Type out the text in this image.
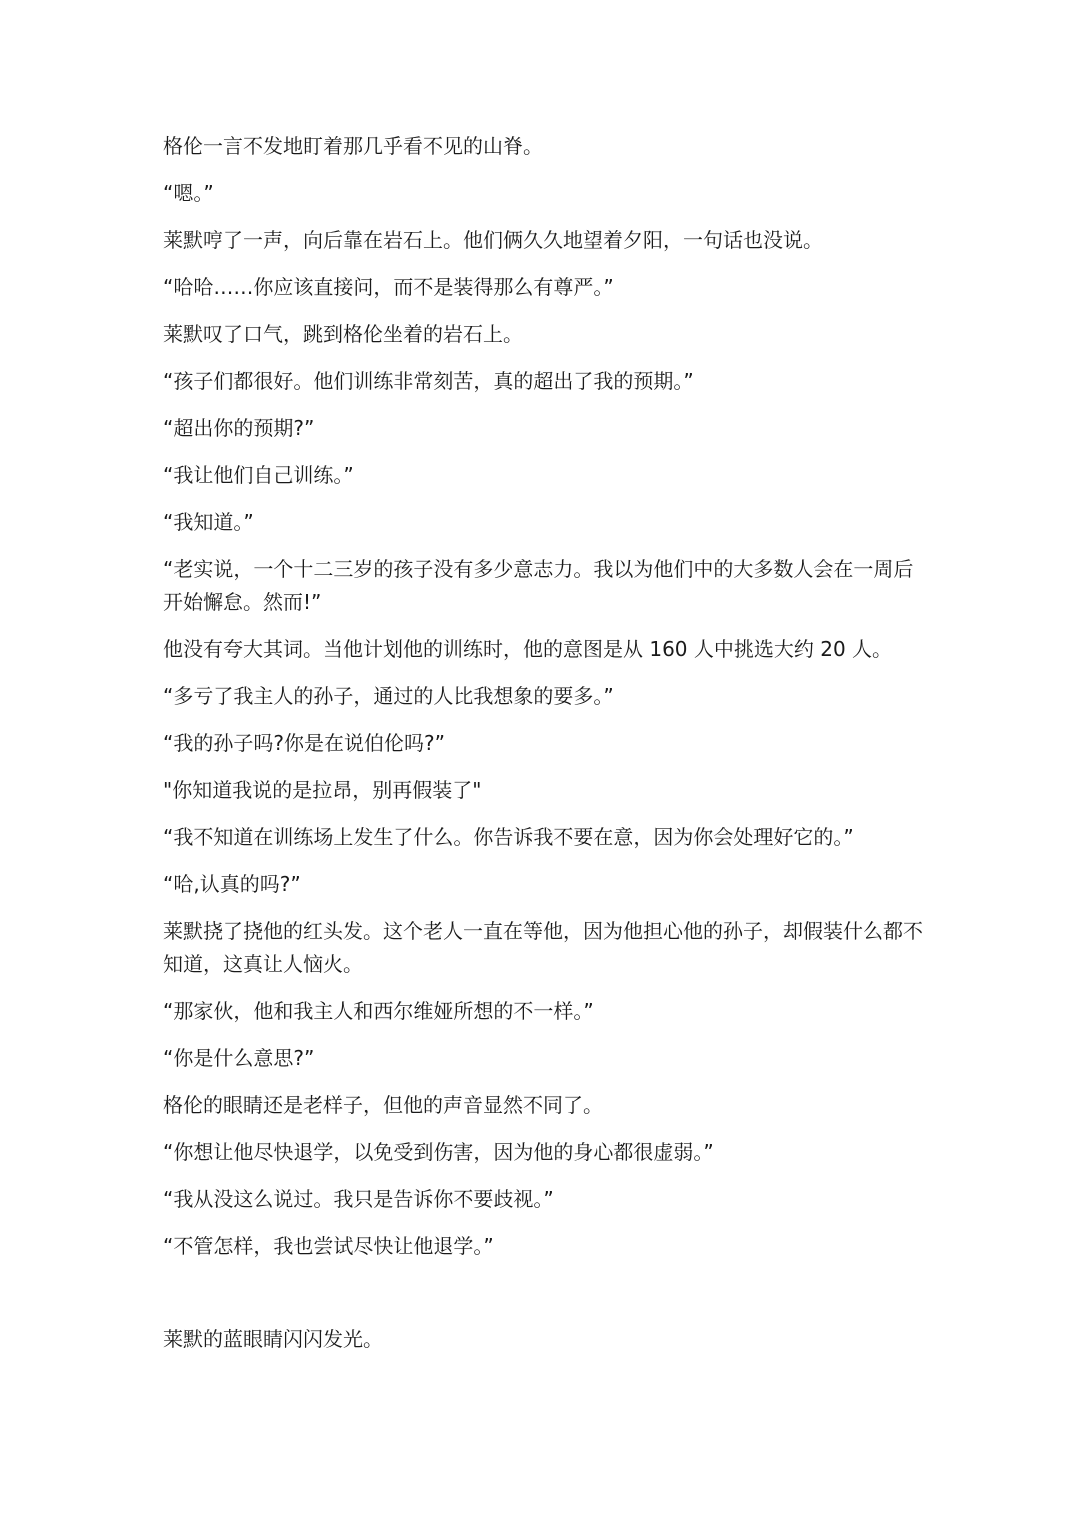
格伦一言不发地盯着那几乎看不见的山脊。

“嗯。”

莱默哼了一声，向后靠在岩石上。他们俩久久地望着夕阳，一句话也没说。

“哈哈……你应该直接问，而不是装得那么有尊严。”

莱默叹了口气，跳到格伦坐着的岩石上。

“孩子们都很好。他们训练非常刻苦，真的超出了我的预期。”

“超出你的预期?”

“我让他们自己训练。”

“我知道。”

“老实说，一个十二三岁的孩子没有多少意志力。我以为他们中的大多数人会在一周后开始懈怠。然而!”

他没有夸大其词。当他计划他的训练时，他的意图是从 160 人中挑选大约 20 人。

“多亏了我主人的孙子，通过的人比我想象的要多。”

“我的孙子吗?你是在说伯伦吗?”

"你知道我说的是拉昂，别再假装了"

“我不知道在训练场上发生了什么。你告诉我不要在意，因为你会处理好它的。”

“哈,认真的吗?”

莱默挠了挠他的红头发。这个老人一直在等他，因为他担心他的孙子，却假装什么都不知道，这真让人恼火。

“那家伙，他和我主人和西尔维娅所想的不一样。”

“你是什么意思?”

格伦的眼睛还是老样子，但他的声音显然不同了。

“你想让他尽快退学，以免受到伤害，因为他的身心都很虚弱。”

“我从没这么说过。我只是告诉你不要歧视。”

“不管怎样，我也尝试尽快让他退学。”

莱默的蓝眼睛闪闪发光。
